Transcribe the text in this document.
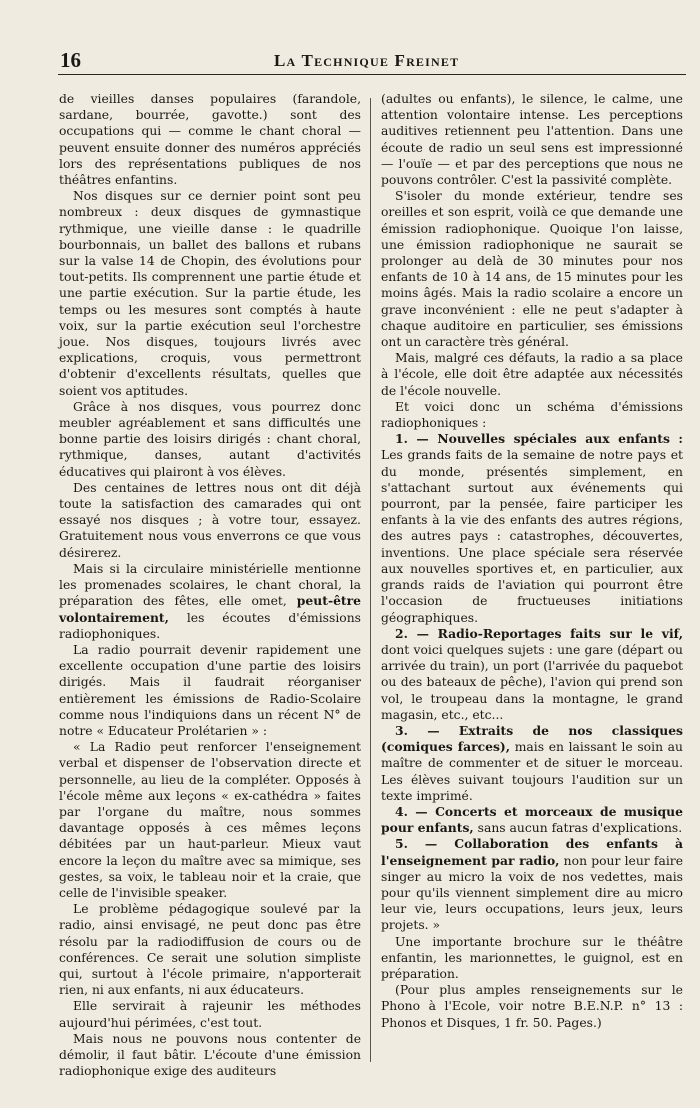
16	La Technique Freinet

de vieilles danses populaires (farandole, sardane, bourrée, gavotte.) sont des occupations qui — comme le chant choral — peuvent ensuite donner des numéros appréciés lors des représentations publiques de nos théâtres enfantins.

Nos disques sur ce dernier point sont peu nombreux : deux disques de gymnastique rythmique, une vieille danse : le quadrille bourbonnais, un ballet des ballons et rubans sur la valse 14 de Chopin, des évolutions pour tout-petits. Ils comprennent une partie étude et une partie exécution. Sur la partie étude, les temps ou les mesures sont comptés à haute voix, sur la partie exécution seul l'orchestre joue. Nos disques, toujours livrés avec explications, croquis, vous permettront d'obtenir d'excellents résultats, quelles que soient vos aptitudes.

Grâce à nos disques, vous pourrez donc meubler agréablement et sans difficultés une bonne partie des loisirs dirigés : chant choral, rythmique, danses, autant d'activités éducatives qui plairont à vos élèves.

Des centaines de lettres nous ont dit déjà toute la satisfaction des camarades qui ont essayé nos disques ; à votre tour, essayez. Gratuitement nous vous enverrons ce que vous désirerez.

Mais si la circulaire ministérielle mentionne les promenades scolaires, le chant choral, la préparation des fêtes, elle omet, peut-être volontairement, les écoutes d'émissions radiophoniques.

La radio pourrait devenir rapidement une excellente occupation d'une partie des loisirs dirigés. Mais il faudrait réorganiser entièrement les émissions de Radio-Scolaire comme nous l'indiquions dans un récent N° de notre « Educateur Prolétarien » :

« La Radio peut renforcer l'enseignement verbal et dispenser de l'observation directe et personnelle, au lieu de la compléter. Opposés à l'école même aux leçons « ex-cathédra » faites par l'organe du maître, nous sommes davantage opposés à ces mêmes leçons débitées par un haut-parleur. Mieux vaut encore la leçon du maître avec sa mimique, ses gestes, sa voix, le tableau noir et la craie, que celle de l'invisible speaker.

Le problème pédagogique soulevé par la radio, ainsi envisagé, ne peut donc pas être résolu par la radiodiffusion de cours ou de conférences. Ce serait une solution simpliste qui, surtout à l'école primaire, n'apporterait rien, ni aux enfants, ni aux éducateurs.

Elle servirait à rajeunir les méthodes aujourd'hui périmées, c'est tout.

Mais nous ne pouvons nous contenter de démolir, il faut bâtir. L'écoute d'une émission radiophonique exige des auditeurs

(adultes ou enfants), le silence, le calme, une attention volontaire intense. Les perceptions auditives retiennent peu l'attention. Dans une écoute de radio un seul sens est impressionné — l'ouïe — et par des perceptions que nous ne pouvons contrôler. C'est la passivité complète.

S'isoler du monde extérieur, tendre ses oreilles et son esprit, voilà ce que demande une émission radiophonique. Quoique l'on laisse, une émission radiophonique ne saurait se prolonger au delà de 30 minutes pour nos enfants de 10 à 14 ans, de 15 minutes pour les moins âgés. Mais la radio scolaire a encore un grave inconvénient : elle ne peut s'adapter à chaque auditoire en particulier, ses émissions ont un caractère très général.

Mais, malgré ces défauts, la radio a sa place à l'école, elle doit être adaptée aux nécessités de l'école nouvelle.

Et voici donc un schéma d'émissions radiophoniques :

1. — Nouvelles spéciales aux enfants : Les grands faits de la semaine de notre pays et du monde, présentés simplement, en s'attachant surtout aux événements qui pourront, par la pensée, faire participer les enfants à la vie des enfants des autres régions, des autres pays : catastrophes, découvertes, inventions. Une place spéciale sera réservée aux nouvelles sportives et, en particulier, aux grands raids de l'aviation qui pourront être l'occasion de fructueuses initiations géographiques.

2. — Radio-Reportages faits sur le vif, dont voici quelques sujets : une gare (départ ou arrivée du train), un port (l'arrivée du paquebot ou des bateaux de pêche), l'avion qui prend son vol, le troupeau dans la montagne, le grand magasin, etc., etc...

3. — Extraits de nos classiques (comiques farces), mais en laissant le soin au maître de commenter et de situer le morceau. Les élèves suivant toujours l'audition sur un texte imprimé.

4. — Concerts et morceaux de musique pour enfants, sans aucun fatras d'explications.

5. — Collaboration des enfants à l'enseignement par radio, non pour leur faire singer au micro la voix de nos vedettes, mais pour qu'ils viennent simplement dire au micro leur vie, leurs occupations, leurs jeux, leurs projets. »

Une importante brochure sur le théâtre enfantin, les marionnettes, le guignol, est en préparation.

(Pour plus amples renseignements sur le Phono à l'Ecole, voir notre B.E.N.P. n° 13 : Phonos et Disques, 1 fr. 50. Pages.)
